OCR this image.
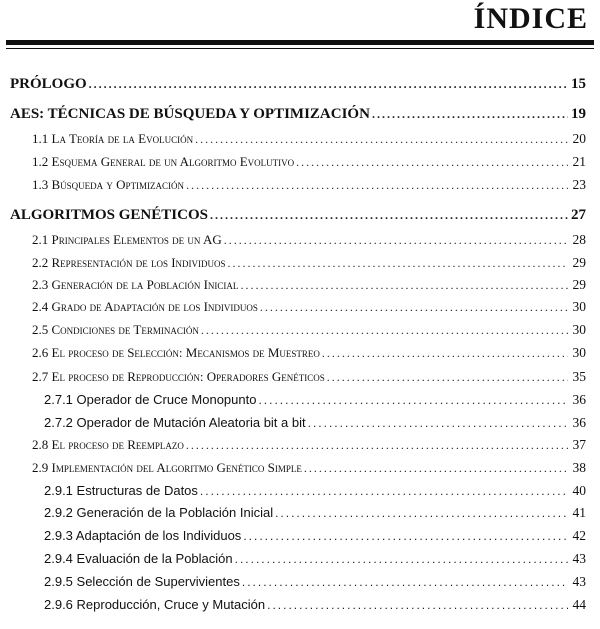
ÍNDICE
PRÓLOGO .....	15
AES: TÉCNICAS DE BÚSQUEDA Y OPTIMIZACIÓN .....	19
1.1 La Teoría de la Evolución .....	20
1.2 Esquema General de un Algoritmo Evolutivo .....	21
1.3 Búsqueda y Optimización .....	23
ALGORITMOS GENÉTICOS .....	27
2.1 Principales Elementos de un AG .....	28
2.2 Representación de los Individuos .....	29
2.3 Generación de la Población Inicial .....	29
2.4 Grado de Adaptación de los Individuos .....	30
2.5 Condiciones de Terminación .....	30
2.6 El proceso de Selección: Mecanismos de Muestreo .....	30
2.7 El proceso de Reproducción: Operadores Genéticos .....	35
2.7.1 Operador de Cruce Monopunto .....	36
2.7.2 Operador de Mutación Aleatoria bit a bit .....	36
2.8 El proceso de Reemplazo .....	37
2.9 Implementación del Algoritmo Genético Simple .....	38
2.9.1 Estructuras de Datos .....	40
2.9.2 Generación de la Población Inicial .....	41
2.9.3 Adaptación de los Individuos .....	42
2.9.4 Evaluación de la Población .....	43
2.9.5 Selección de Supervivientes .....	43
2.9.6 Reproducción, Cruce y Mutación .....	44
